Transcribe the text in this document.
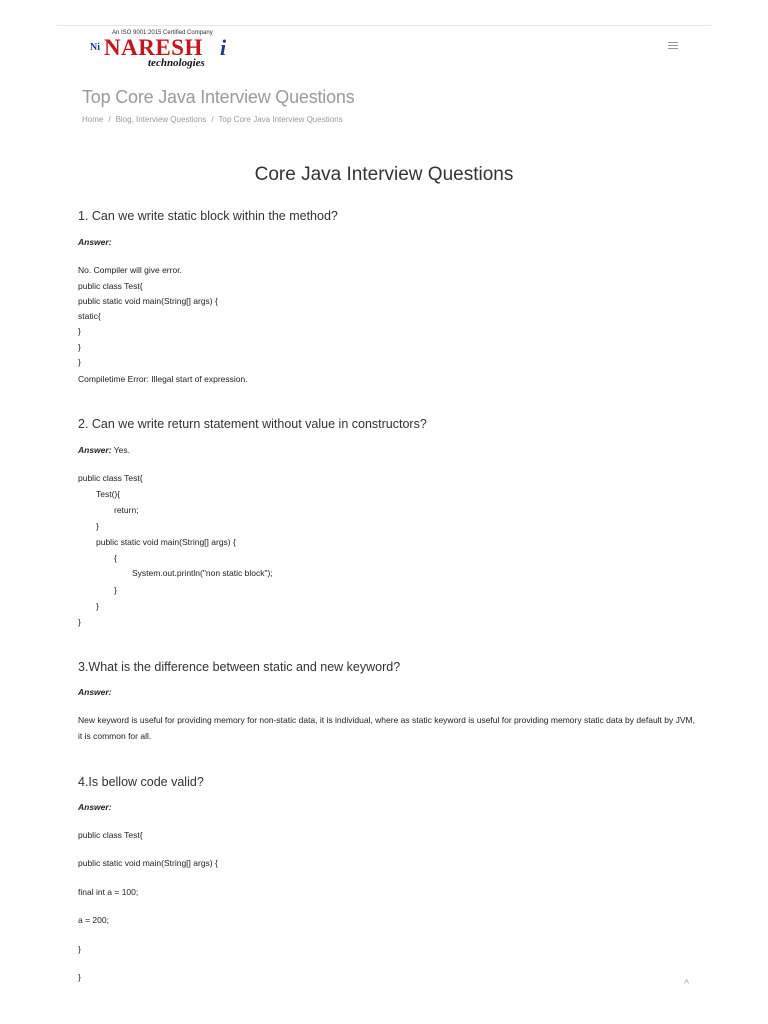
An ISO 9001:2015 Certified Company
Ni NARESH i
technologies
Top Core Java Interview Questions
Home / Blog, Interview Questions / Top Core Java Interview Questions
Core Java Interview Questions
1. Can we write static block within the method?
Answer:
No. Compiler will give error.
public class Test{
public static void main(String[] args) {
static{
}
}
}
Compiletime Error: Illegal start of expression.
2. Can we write return statement without value in constructors?
Answer: Yes.
public class Test{
Test(){
return;
}
public static void main(String[] args) {
{
System.out.println("non static block");
}
}
}
3.What is the difference between static and new keyword?
Answer:
New keyword is useful for providing memory for non-static data, it is individual, where as static keyword is useful for providing memory static data by default by JVM, it is common for all.
4.Is bellow code valid?
Answer:
public class Test{
public static void main(String[] args) {
final int a = 100;
a = 200;
}
}
^
